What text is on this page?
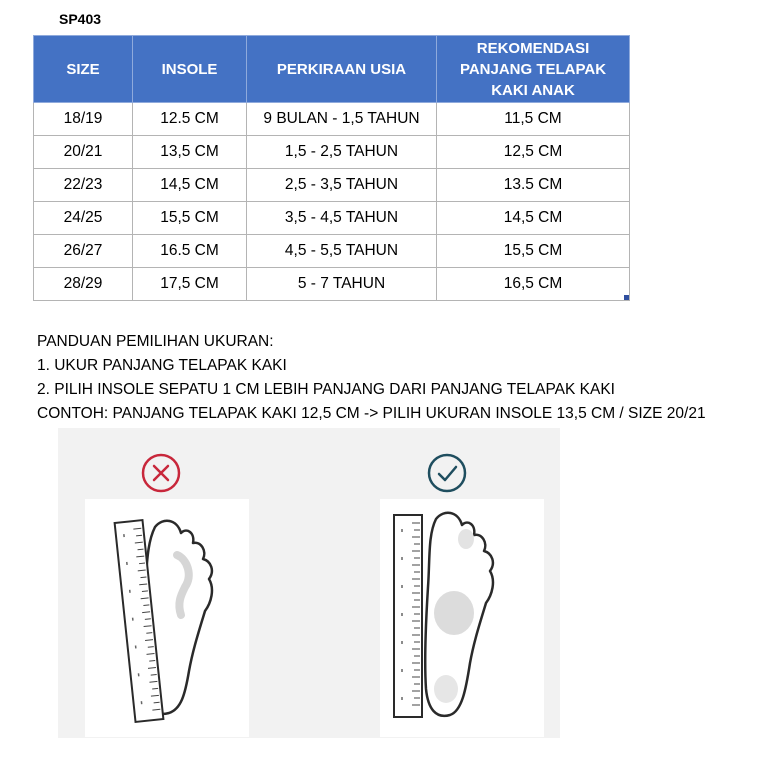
SP403
SIZE	INSOLE	PERKIRAAN USIA	REKOMENDASI
PANJANG TELAPAK
KAKI ANAK

18/19	12.5 CM	9 BULAN - 1,5 TAHUN	11,5 CM
20/21	13,5 CM	1,5 - 2,5 TAHUN	12,5 CM
22/23	14,5 CM	2,5 - 3,5 TAHUN	13.5 CM
24/25	15,5 CM	3,5 - 4,5 TAHUN	14,5 CM
26/27	16.5 CM	4,5 - 5,5 TAHUN	15,5 CM
28/29	17,5 CM	5 - 7 TAHUN	16,5 CM
PANDUAN PEMILIHAN UKURAN:
1. UKUR PANJANG TELAPAK KAKI
2. PILIH INSOLE SEPATU 1 CM LEBIH PANJANG DARI PANJANG TELAPAK KAKI
CONTOH: PANJANG TELAPAK KAKI 12,5 CM -> PILIH UKURAN INSOLE 13,5 CM / SIZE 20/21
